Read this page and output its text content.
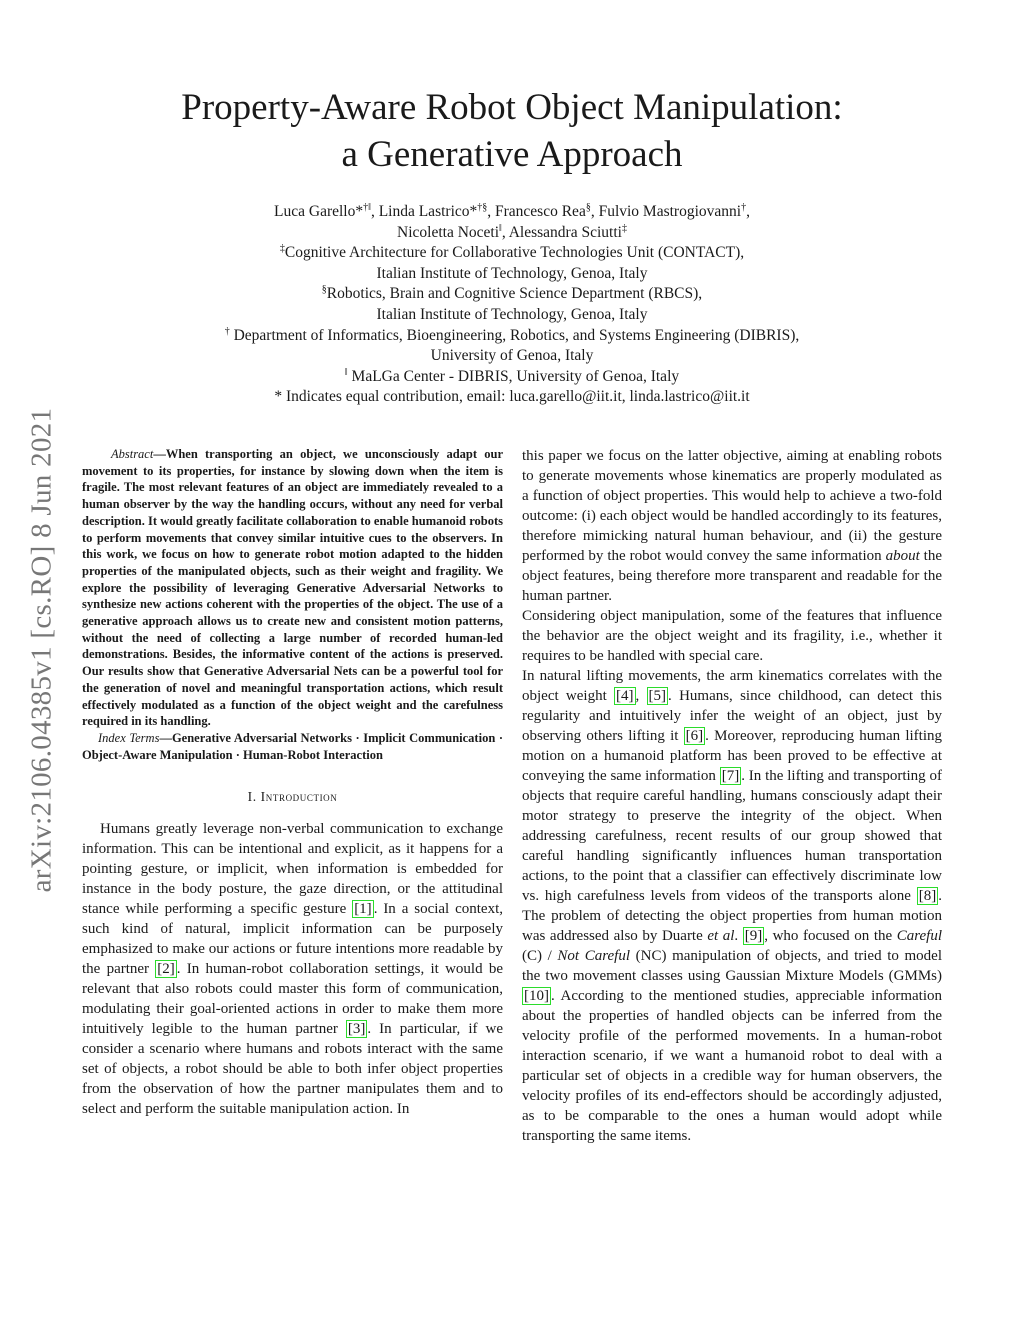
arXiv:2106.04385v1 [cs.RO] 8 Jun 2021
Property-Aware Robot Object Manipulation:
a Generative Approach
Luca Garello*†‖, Linda Lastrico*†§, Francesco Rea§, Fulvio Mastrogiovanni†,
Nicoletta Noceti‖, Alessandra Sciutti‡
‡Cognitive Architecture for Collaborative Technologies Unit (CONTACT),
Italian Institute of Technology, Genoa, Italy
§Robotics, Brain and Cognitive Science Department (RBCS),
Italian Institute of Technology, Genoa, Italy
† Department of Informatics, Bioengineering, Robotics, and Systems Engineering (DIBRIS),
University of Genoa, Italy
‖ MaLGa Center - DIBRIS, University of Genoa, Italy
* Indicates equal contribution, email: luca.garello@iit.it, linda.lastrico@iit.it

Abstract—When transporting an object, we unconsciously adapt our movement to its properties, for instance by slowing down when the item is fragile. The most relevant features of an object are immediately revealed to a human observer by the way the handling occurs, without any need for verbal description. It would greatly facilitate collaboration to enable humanoid robots to perform movements that convey similar intuitive cues to the observers. In this work, we focus on how to generate robot motion adapted to the hidden properties of the manipulated objects, such as their weight and fragility. We explore the possibility of leveraging Generative Adversarial Networks to synthesize new actions coherent with the properties of the object. The use of a generative approach allows us to create new and consistent motion patterns, without the need of collecting a large number of recorded human-led demonstrations. Besides, the informative content of the actions is preserved. Our results show that Generative Adversarial Nets can be a powerful tool for the generation of novel and meaningful transportation actions, which result effectively modulated as a function of the object weight and the carefulness required in its handling.

Index Terms—Generative Adversarial Networks · Implicit Communication · Object-Aware Manipulation · Human-Robot Interaction

I. Introduction

Humans greatly leverage non-verbal communication to exchange information. This can be intentional and explicit, as it happens for a pointing gesture, or implicit, when information is embedded for instance in the body posture, the gaze direction, or the attitudinal stance while performing a specific gesture [1] . In a social context, such kind of natural, implicit information can be purposely emphasized to make our actions or future intentions more readable by the partner [2] . In human-robot collaboration settings, it would be relevant that also robots could master this form of communication, modulating their goal-oriented actions in order to make them more intuitively legible to the human partner [3] . In particular, if we consider a scenario where humans and robots interact with the same set of objects, a robot should be able to both infer object properties from the observation of how the partner manipulates them and to select and perform the suitable manipulation action. In

this paper we focus on the latter objective, aiming at enabling robots to generate movements whose kinematics are properly modulated as a function of object properties. This would help to achieve a two-fold outcome: (i) each object would be handled accordingly to its features, therefore mimicking natural human behaviour, and (ii) the gesture performed by the robot would convey the same information about the object features, being therefore more transparent and readable for the human partner.

Considering object manipulation, some of the features that influence the behavior are the object weight and its fragility, i.e., whether it requires to be handled with special care.

In natural lifting movements, the arm kinematics correlates with the object weight [4] , [5] . Humans, since childhood, can detect this regularity and intuitively infer the weight of an object, just by observing others lifting it [6] . Moreover, reproducing human lifting motion on a humanoid platform has been proved to be effective at conveying the same information [7] . In the lifting and transporting of objects that require careful handling, humans consciously adapt their motor strategy to preserve the integrity of the object. When addressing carefulness, recent results of our group showed that careful handling significantly influences human transportation actions, to the point that a classifier can effectively discriminate low vs. high carefulness levels from videos of the transports alone [8] . The problem of detecting the object properties from human motion was addressed also by Duarte et al. [9] , who focused on the Careful (C) / Not Careful (NC) manipulation of objects, and tried to model the two movement classes using Gaussian Mixture Models (GMMs) [10] . According to the mentioned studies, appreciable information about the properties of handled objects can be inferred from the velocity profile of the performed movements. In a human-robot interaction scenario, if we want a humanoid robot to deal with a particular set of objects in a credible way for human observers, the velocity profiles of its end-effectors should be accordingly adjusted, as to be comparable to the ones a human would adopt while transporting the same items.
